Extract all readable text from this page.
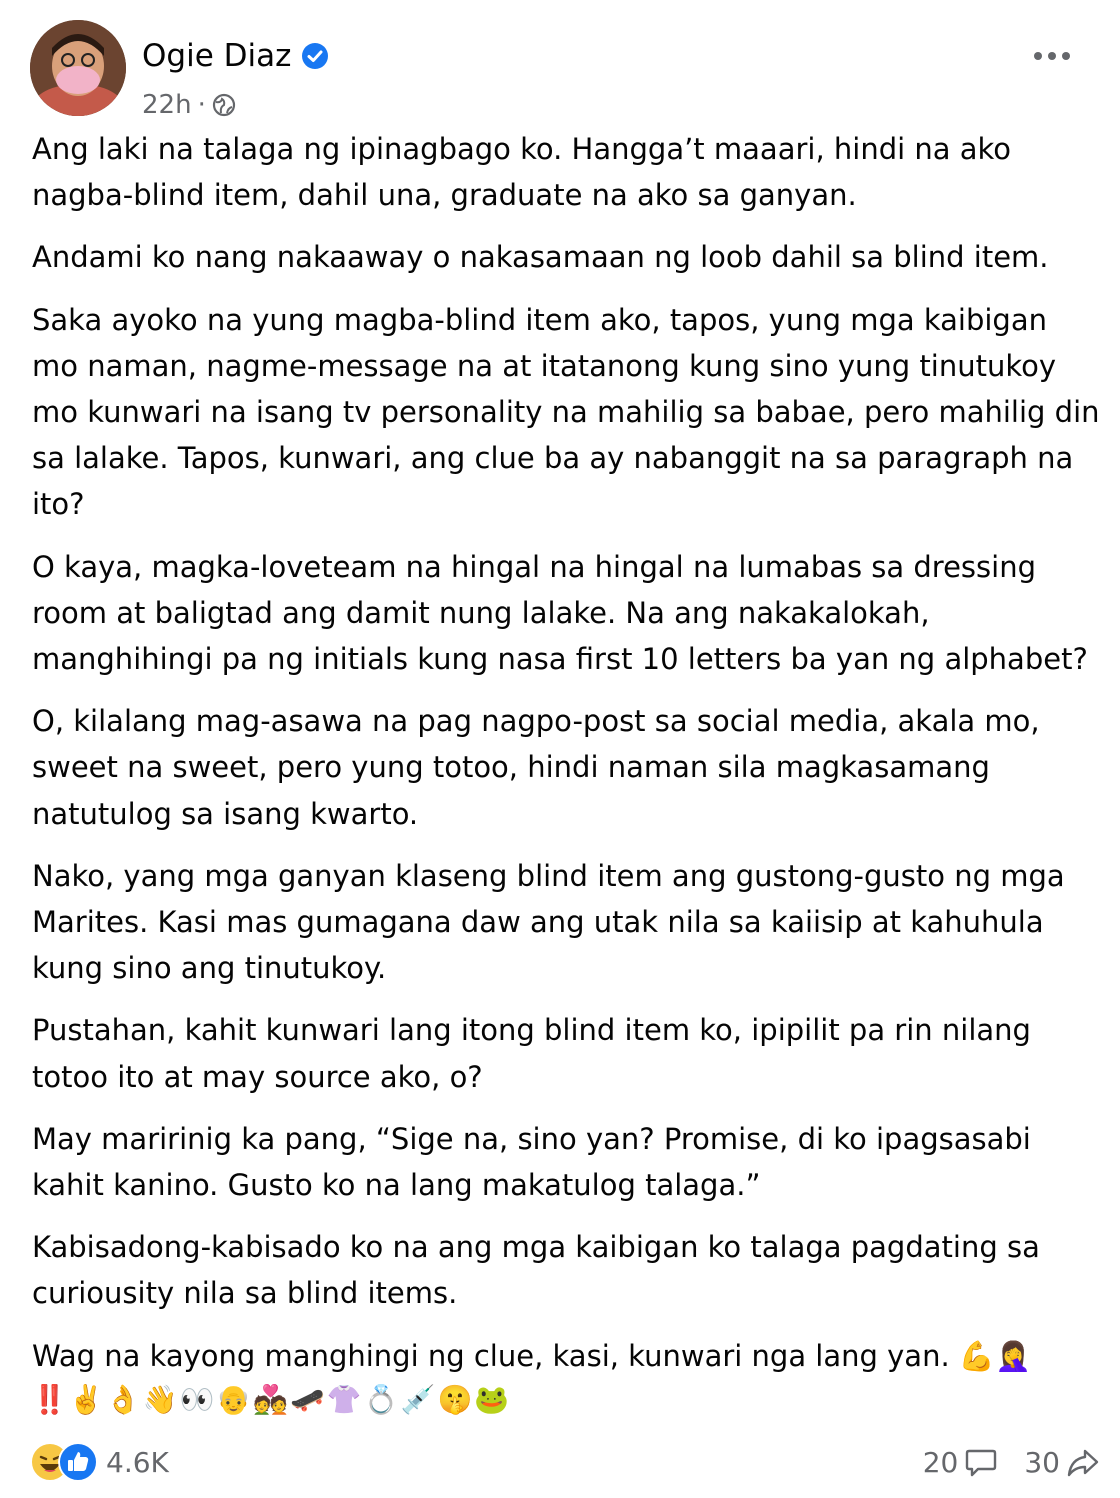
Ogie Diaz
22h ·

Ang laki na talaga ng ipinagbago ko. Hangga’t maaari, hindi na ako nagba-blind item, dahil una, graduate na ako sa ganyan.

Andami ko nang nakaaway o nakasamaan ng loob dahil sa blind item.

Saka ayoko na yung magba-blind item ako, tapos, yung mga kaibigan mo naman, nagme-message na at itatanong kung sino yung tinutukoy mo kunwari na isang tv personality na mahilig sa babae, pero mahilig din sa lalake. Tapos, kunwari, ang clue ba ay nabanggit na sa paragraph na ito?

O kaya, magka-loveteam na hingal na hingal na lumabas sa dressing room at baligtad ang damit nung lalake. Na ang nakakalokah, manghihingi pa ng initials kung nasa first 10 letters ba yan ng alphabet?

O, kilalang mag-asawa na pag nagpo-post sa social media, akala mo, sweet na sweet, pero yung totoo, hindi naman sila magkasamang natutulog sa isang kwarto.

Nako, yang mga ganyan klaseng blind item ang gustong-gusto ng mga Marites. Kasi mas gumagana daw ang utak nila sa kaiisip at kahuhula kung sino ang tinutukoy.

Pustahan, kahit kunwari lang itong blind item ko, ipipilit pa rin nilang totoo ito at may source ako, o?

May maririnig ka pang, “Sige na, sino yan? Promise, di ko ipagsasabi kahit kanino. Gusto ko na lang makatulog talaga.”

Kabisadong-kabisado ko na ang mga kaibigan ko talaga pagdating sa curiousity nila sa blind items.

Wag na kayong manghingi ng clue, kasi, kunwari nga lang yan. 💪🤦‍♀️

‼️✌️👌👋👀👴💑🛹👚💍💉🤫🐸

4.6K	20 30
